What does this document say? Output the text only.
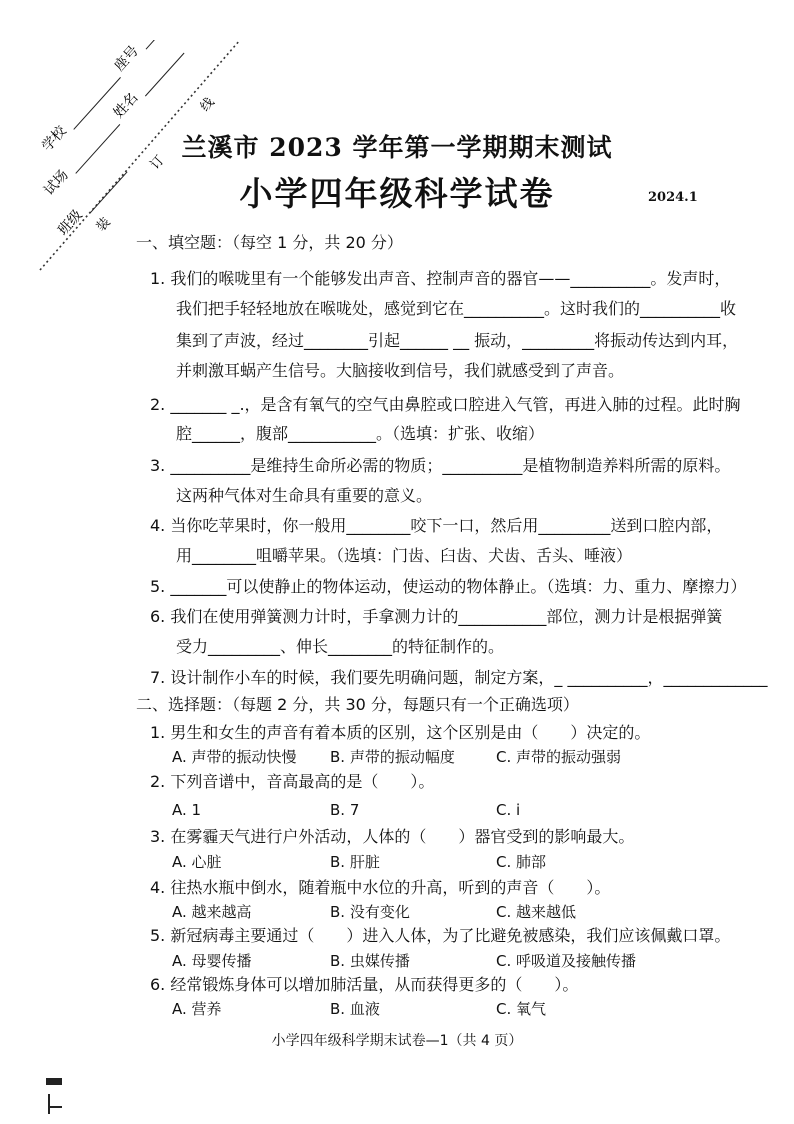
学校
座号
试场
姓名
班级 装
订
线
兰溪市 2023 学年第一学期期末测试
小学四年级科学试卷	2024.1
一、填空题：（每空 1 分，共 20 分）
1. 我们的喉咙里有一个能够发出声音、控制声音的器官——__________。发声时，
我们把手轻轻地放在喉咙处，感觉到它在__________。这时我们的__________收
集到了声波，经过________引起______ __ 振动，_________将振动传达到内耳，
并刺激耳蜗产生信号。大脑接收到信号，我们就感受到了声音。
2. _______ _.，是含有氧气的空气由鼻腔或口腔进入气管，再进入肺的过程。此时胸
腔______，腹部___________。（选填：扩张、收缩）
3. __________是维持生命所必需的物质；__________是植物制造养料所需的原料。
这两种气体对生命具有重要的意义。
4. 当你吃苹果时，你一般用________咬下一口，然后用_________送到口腔内部，
用________咀嚼苹果。（选填：门齿、臼齿、犬齿、舌头、唾液）
5. _______可以使静止的物体运动，使运动的物体静止。（选填：力、重力、摩擦力）
6. 我们在使用弹簧测力计时，手拿测力计的___________部位，测力计是根据弹簧
受力_________、伸长________的特征制作的。
7. 设计制作小车的时候，我们要先明确问题，制定方案，_ __________，_____________
二、选择题：（每题 2 分，共 30 分，每题只有一个正确选项）
1. 男生和女生的声音有着本质的区别，这个区别是由（　　）决定的。
A. 声带的振动快慢 B. 声带的振动幅度	C. 声带的振动强弱
2. 下列音谱中，音高最高的是（　　）。
A. 1	B. 7	C. i
3. 在雾霾天气进行户外活动，人体的（　　）器官受到的影响最大。
A. 心脏	B. 肝脏	C. 肺部
4. 往热水瓶中倒水，随着瓶中水位的升高，听到的声音（　　）。
A. 越来越高	B. 没有变化	C. 越来越低
5. 新冠病毒主要通过（　　）进入人体，为了比避免被感染，我们应该佩戴口罩。
A. 母婴传播	B. 虫媒传播	C. 呼吸道及接触传播
6. 经常锻炼身体可以增加肺活量，从而获得更多的（　　）。
A. 营养	B. 血液	C. 氧气
小学四年级科学期末试卷—1（共 4 页）
